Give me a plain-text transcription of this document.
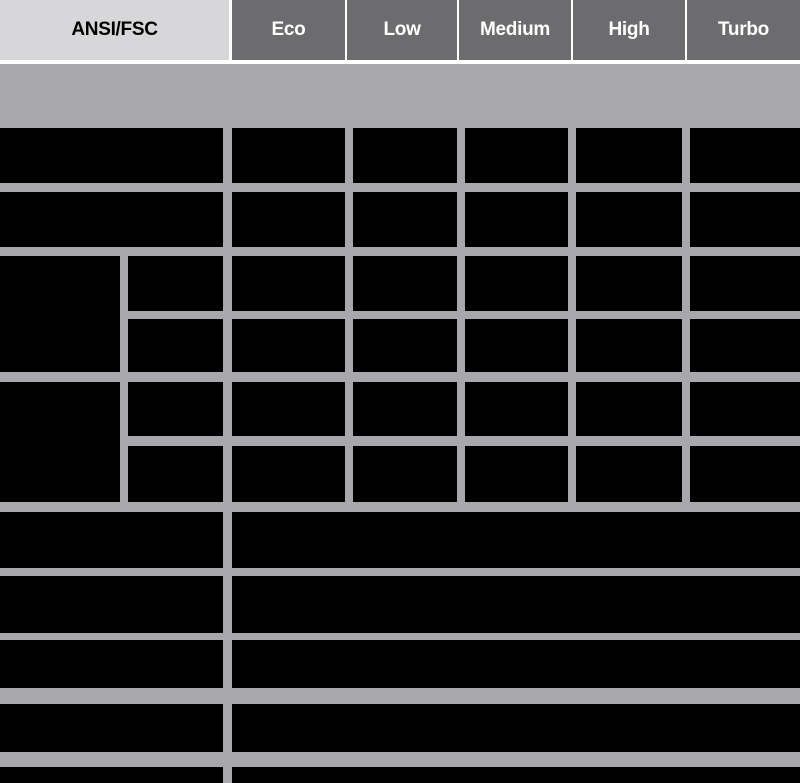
ANSI/FSC	Eco	Low	Medium	High	Turbo
